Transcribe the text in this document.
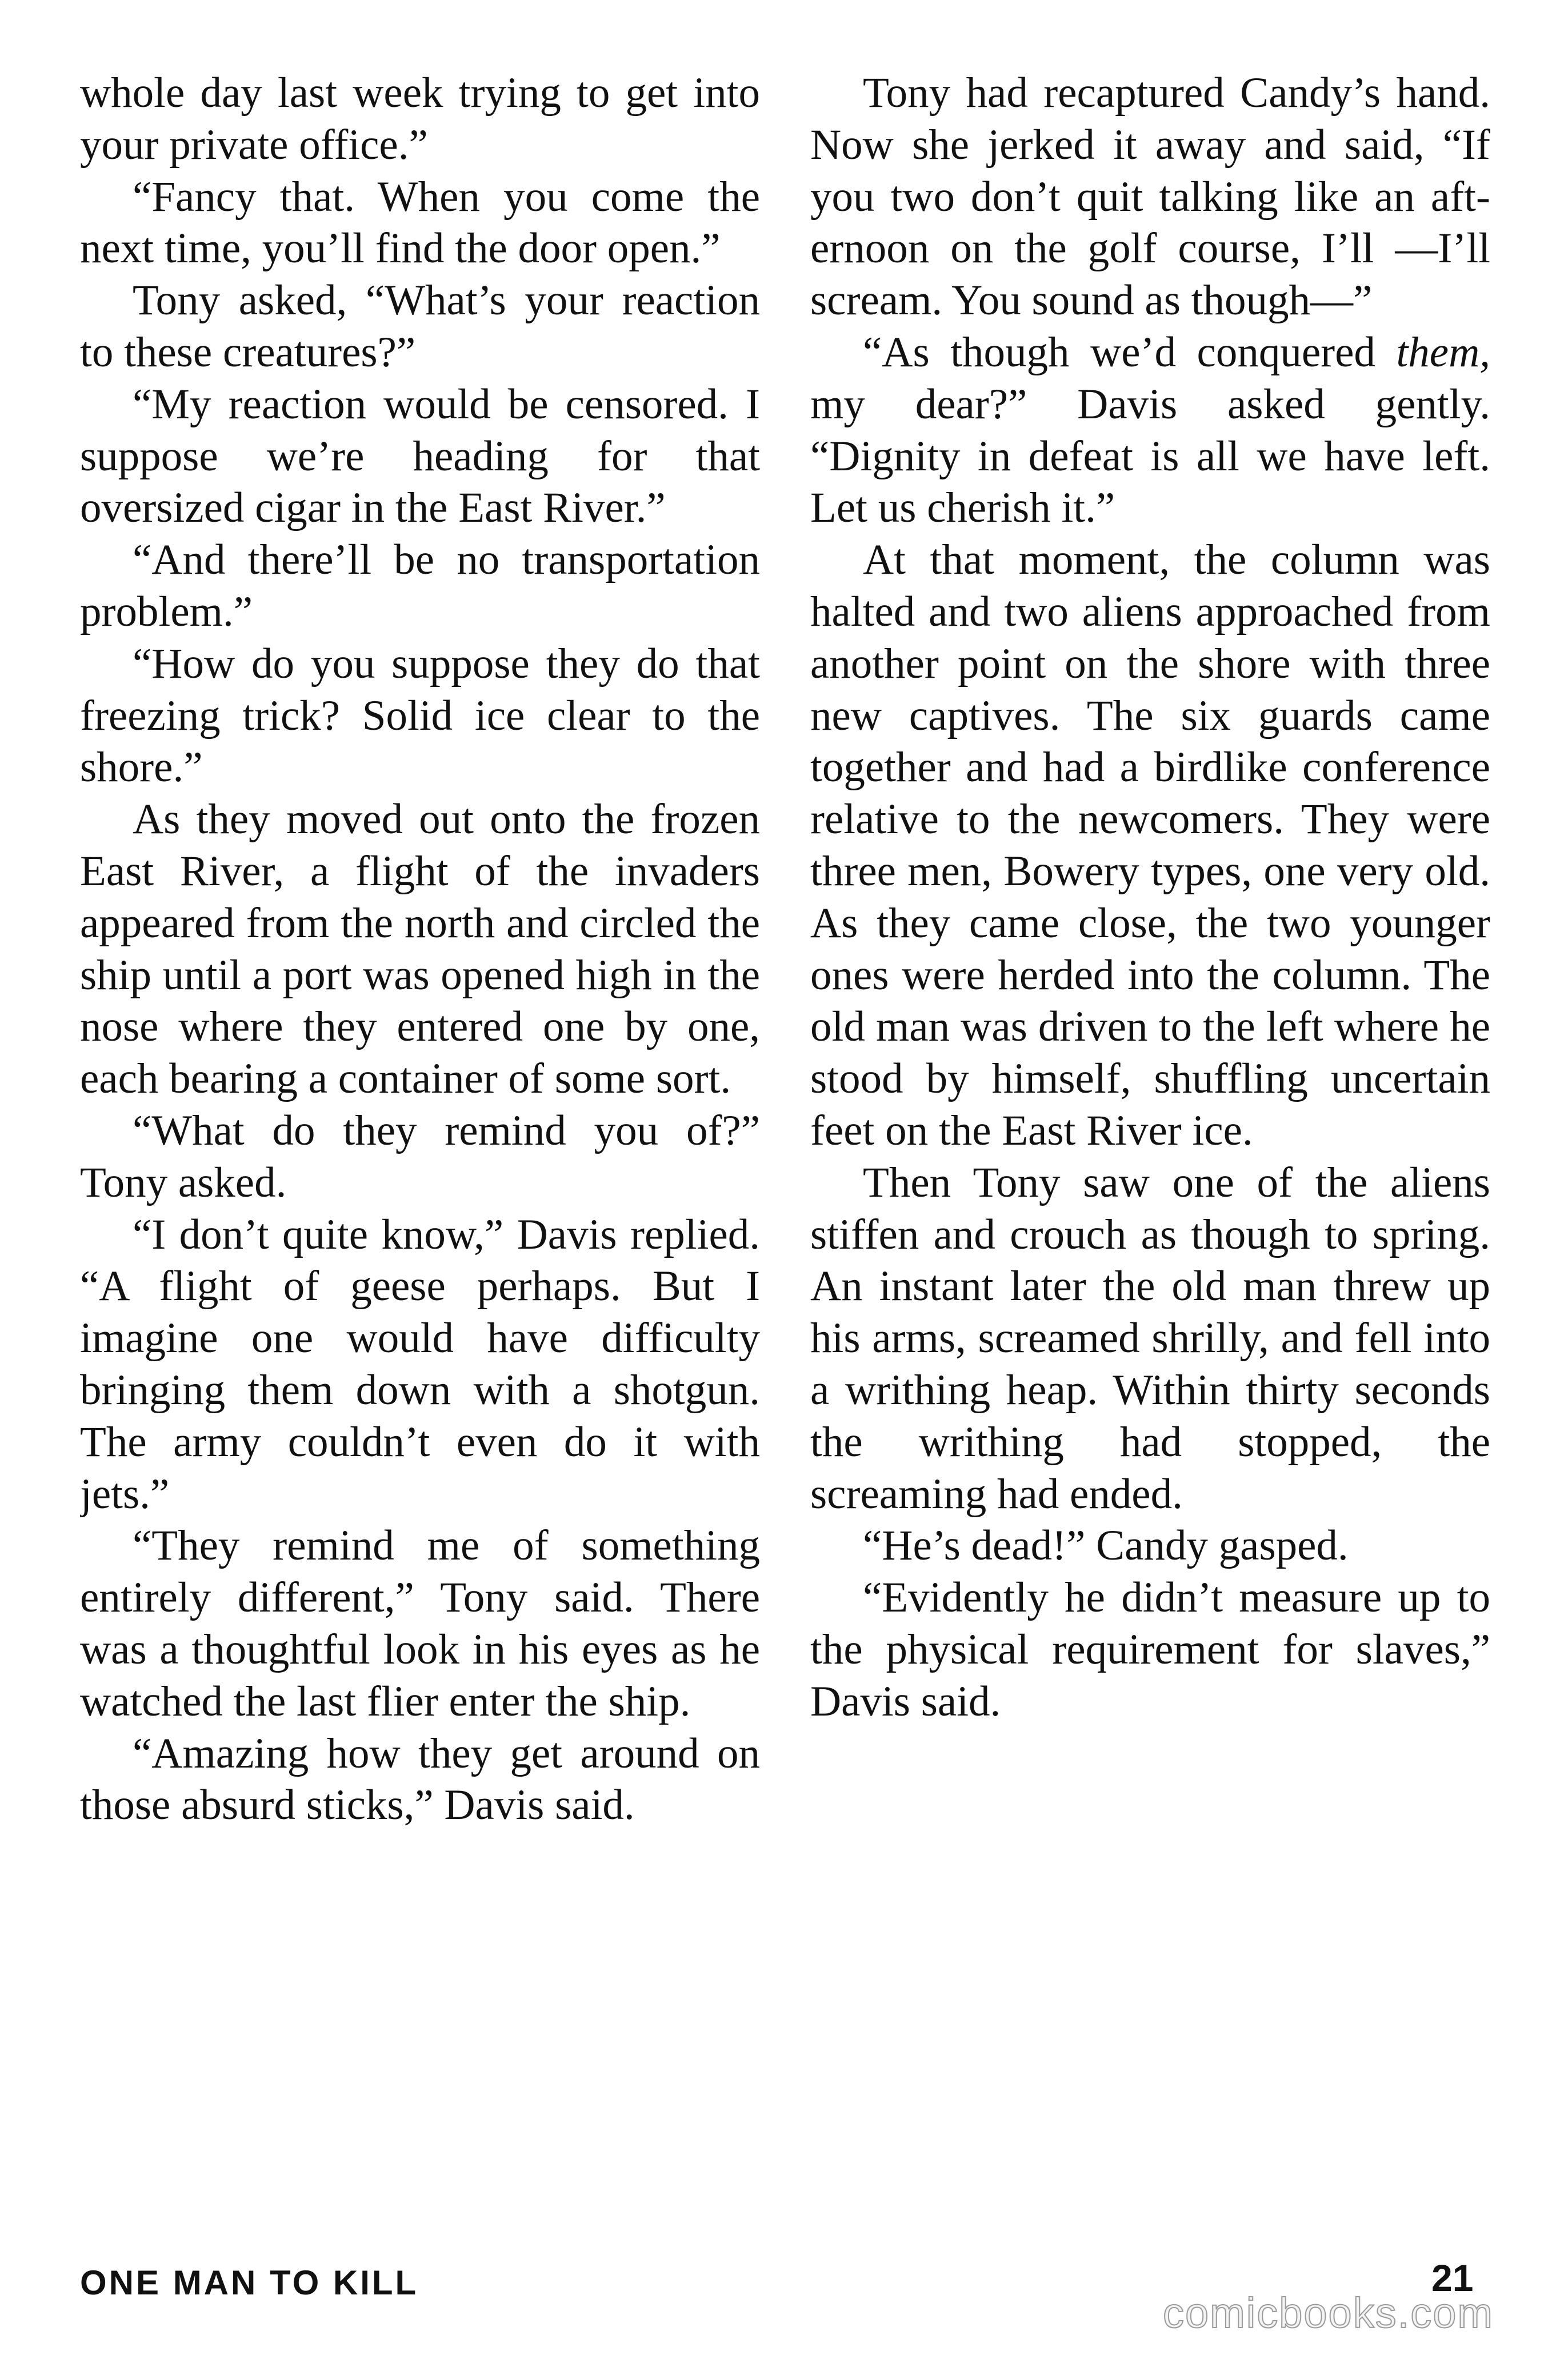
whole day last week trying to get into your private office.”

“Fancy that. When you come the next time, you’ll find the door open.”

Tony asked, “What’s your reaction to these creatures?”

“My reaction would be censored. I suppose we’re heading for that oversized cigar in the East River.”

“And there’ll be no transportation problem.”

“How do you suppose they do that freezing trick? Solid ice clear to the shore.”

As they moved out onto the frozen East River, a flight of the invaders appeared from the north and circled the ship until a port was opened high in the nose where they entered one by one, each bearing a container of some sort.

“What do they remind you of?” Tony asked.

“I don’t quite know,” Davis replied. “A flight of geese perhaps. But I imagine one would have difficulty bringing them down with a shotgun. The army couldn’t even do it with jets.”

“They remind me of something entirely different,” Tony said. There was a thoughtful look in his eyes as he watched the last flier enter the ship.

“Amazing how they get around on those absurd sticks,” Davis said.

Tony had recaptured Candy’s hand. Now she jerked it away and said, “If you two don’t quit talking like an afternoon on the golf course, I’ll —I’ll scream. You sound as though—”

“As though we’d conquered them, my dear?” Davis asked gently. “Dignity in defeat is all we have left. Let us cherish it.”

At that moment, the column was halted and two aliens approached from another point on the shore with three new captives. The six guards came together and had a birdlike conference relative to the newcomers. They were three men, Bowery types, one very old. As they came close, the two younger ones were herded into the column. The old man was driven to the left where he stood by himself, shuffling uncertain feet on the East River ice.

Then Tony saw one of the aliens stiffen and crouch as though to spring. An instant later the old man threw up his arms, screamed shrilly, and fell into a writhing heap. Within thirty seconds the writhing had stopped, the screaming had ended.

“He’s dead!” Candy gasped.

“Evidently he didn’t measure up to the physical requirement for slaves,” Davis said.

ONE MAN TO KILL	21
comicbooks.com
